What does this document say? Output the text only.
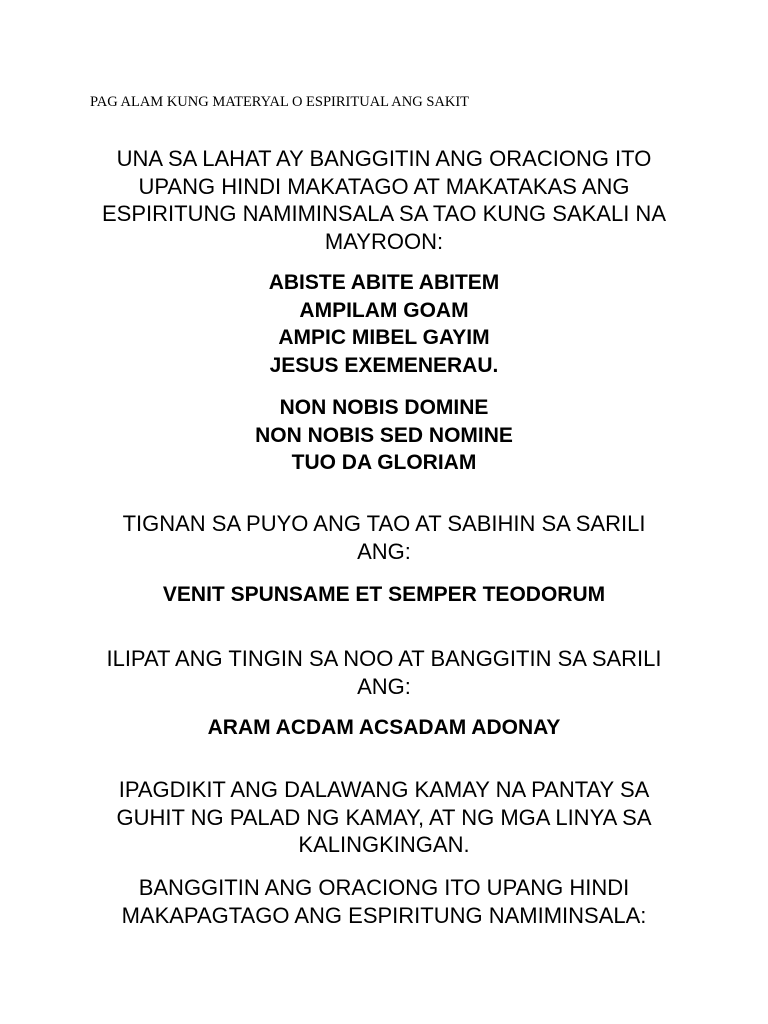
PAG ALAM KUNG MATERYAL O ESPIRITUAL ANG SAKIT
UNA SA LAHAT AY BANGGITIN ANG ORACIONG ITO
UPANG HINDI MAKATAGO AT MAKATAKAS ANG
ESPIRITUNG NAMIMINSALA SA TAO KUNG SAKALI NA
MAYROON:
ABISTE ABITE ABITEM
AMPILAM GOAM
AMPIC MIBEL GAYIM
JESUS EXEMENERAU.
NON NOBIS DOMINE
NON NOBIS SED NOMINE
TUO DA GLORIAM
TIGNAN SA PUYO ANG TAO AT SABIHIN SA SARILI
ANG:
VENIT SPUNSAME ET SEMPER TEODORUM
ILIPAT ANG TINGIN SA NOO AT BANGGITIN SA SARILI
ANG:
ARAM ACDAM ACSADAM ADONAY
IPAGDIKIT ANG DALAWANG KAMAY NA PANTAY SA
GUHIT NG PALAD NG KAMAY, AT NG MGA LINYA SA
KALINGKINGAN.
BANGGITIN ANG ORACIONG ITO UPANG HINDI
MAKAPAGTAGO ANG ESPIRITUNG NAMIMINSALA:
